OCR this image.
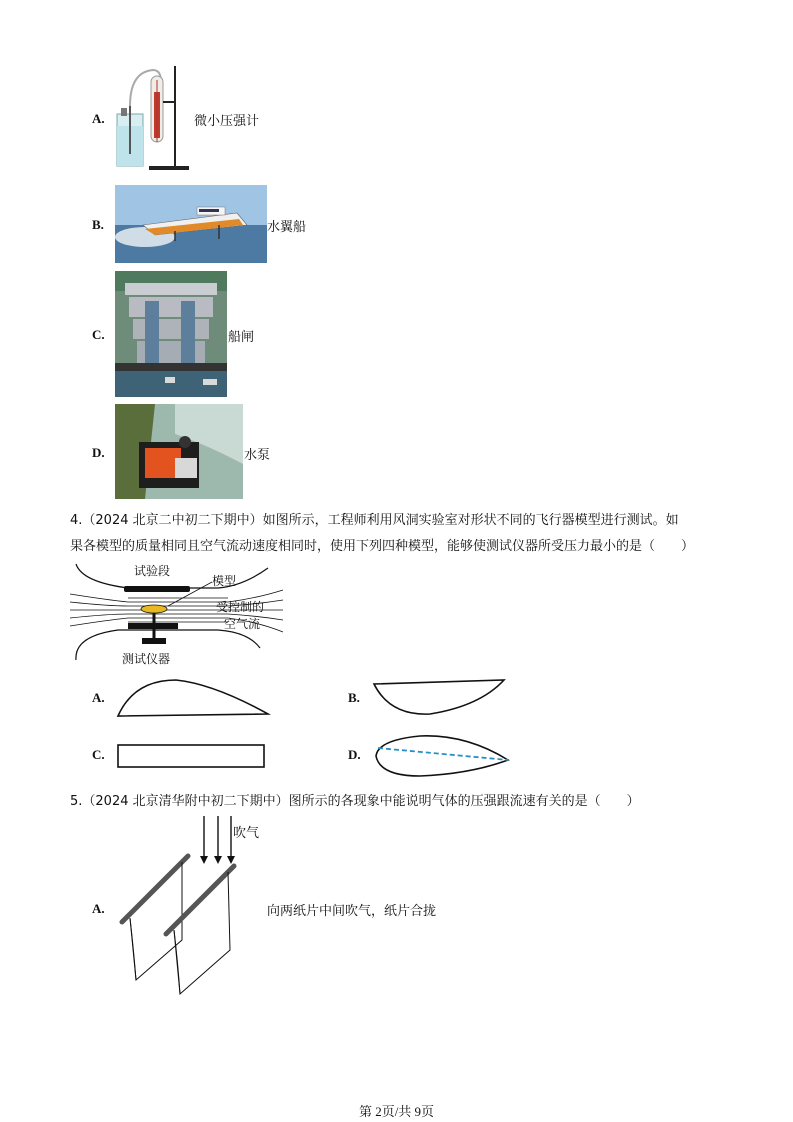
A.	微小压强计
B.	水翼船
C.	船闸
D.	水泵
4.（2024 北京二中初二下期中）如图所示，工程师利用风洞实验室对形状不同的飞行器模型进行测试。如
果各模型的质量相同且空气流动速度相同时，使用下列四种模型，能够使测试仪器所受压力最小的是（　　）
试验段
模型
受控制的
空气流
测试仪器
A.	B.
C.	D.
5.（2024 北京清华附中初二下期中）图所示的各现象中能说明气体的压强跟流速有关的是（　　）
吹气
A.	向两纸片中间吹气，纸片合拢
第 2页/共 9页
